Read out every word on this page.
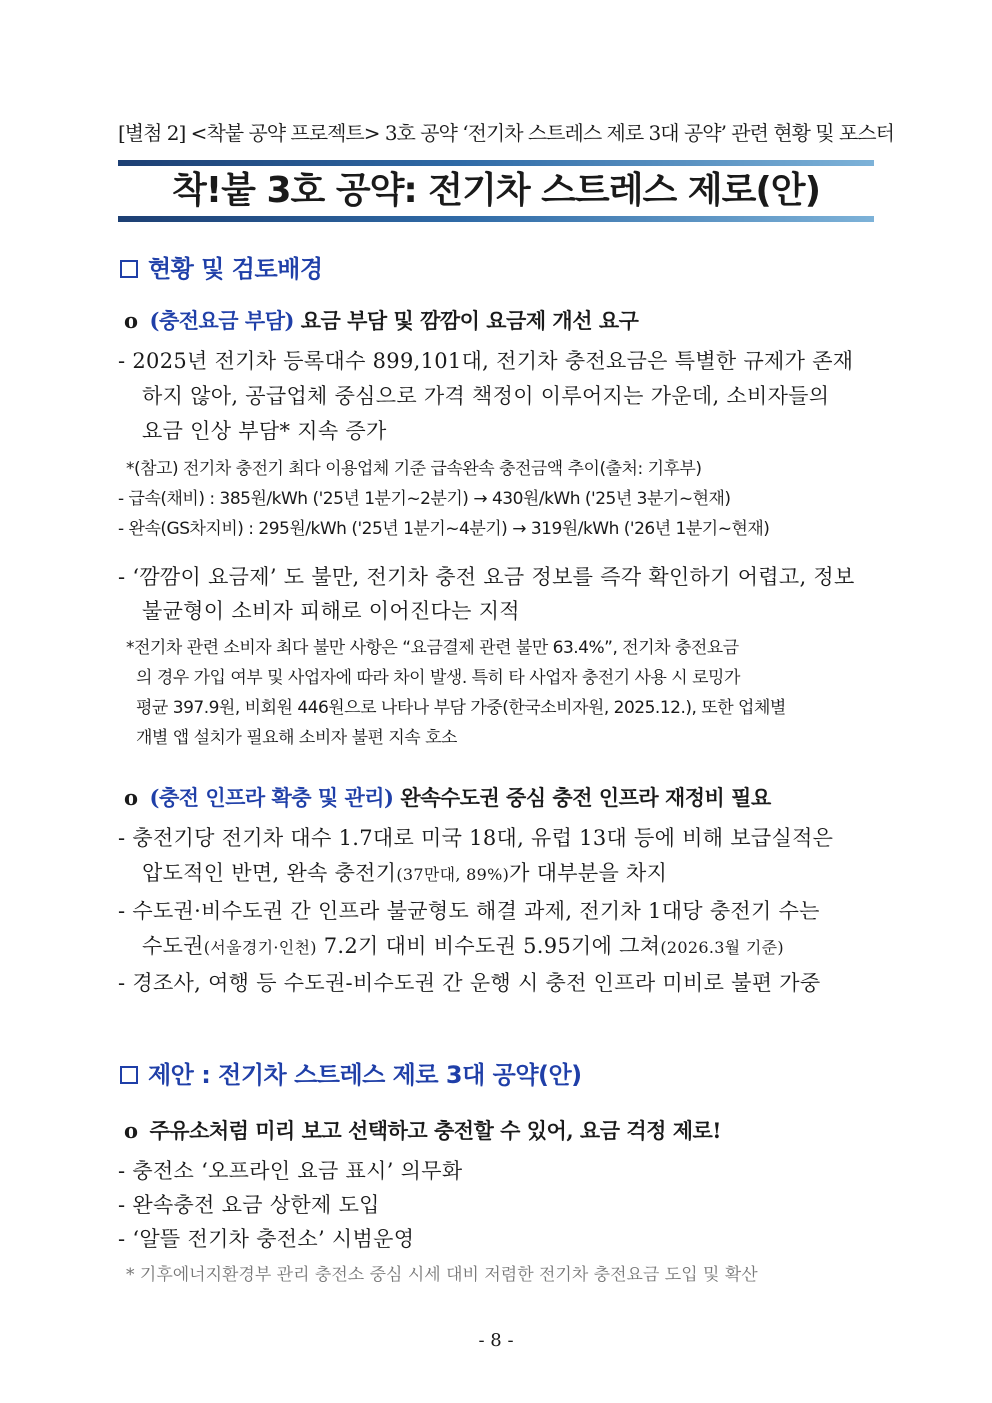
[별첨 2] <착붙 공약 프로젝트> 3호 공약 ‘전기차 스트레스 제로 3대 공약’ 관련 현황 및 포스터
착!붙 3호 공약: 전기차 스트레스 제로(안)
현황 및 검토배경
o (충전요금 부담) 요금 부담 및 깜깜이 요금제 개선 요구
- 2025년 전기차 등록대수 899,101대, 전기차 충전요금은 특별한 규제가 존재
하지 않아, 공급업체 중심으로 가격 책정이 이루어지는 가운데, 소비자들의
요금 인상 부담* 지속 증가
*(참고) 전기차 충전기 최다 이용업체 기준 급속완속 충전금액 추이(출처: 기후부)
- 급속(채비) : 385원/kWh ('25년 1분기~2분기) → 430원/kWh ('25년 3분기~현재)
- 완속(GS차지비) : 295원/kWh ('25년 1분기~4분기) → 319원/kWh ('26년 1분기~현재)
- ‘깜깜이 요금제’ 도 불만, 전기차 충전 요금 정보를 즉각 확인하기 어렵고, 정보
불균형이 소비자 피해로 이어진다는 지적
*전기차 관련 소비자 최다 불만 사항은 “요금결제 관련 불만 63.4%”, 전기차 충전요금
의 경우 가입 여부 및 사업자에 따라 차이 발생. 특히 타 사업자 충전기 사용 시 로밍가
평균 397.9원, 비회원 446원으로 나타나 부담 가중(한국소비자원, 2025.12.), 또한 업체별
개별 앱 설치가 필요해 소비자 불편 지속 호소
o (충전 인프라 확충 및 관리) 완속수도권 중심 충전 인프라 재정비 필요
- 충전기당 전기차 대수 1.7대로 미국 18대, 유럽 13대 등에 비해 보급실적은
압도적인 반면, 완속 충전기(37만대, 89%)가 대부분을 차지
- 수도권·비수도권 간 인프라 불균형도 해결 과제, 전기차 1대당 충전기 수는
수도권(서울경기·인천) 7.2기 대비 비수도권 5.95기에 그쳐(2026.3월 기준)
- 경조사, 여행 등 수도권-비수도권 간 운행 시 충전 인프라 미비로 불편 가중
제안 : 전기차 스트레스 제로 3대 공약(안)
o 주유소처럼 미리 보고 선택하고 충전할 수 있어, 요금 걱정 제로!
- 충전소 ‘오프라인 요금 표시’ 의무화
- 완속충전 요금 상한제 도입
- ‘알뜰 전기차 충전소’ 시범운영
* 기후에너지환경부 관리 충전소 중심 시세 대비 저렴한 전기차 충전요금 도입 및 확산
- 8 -
